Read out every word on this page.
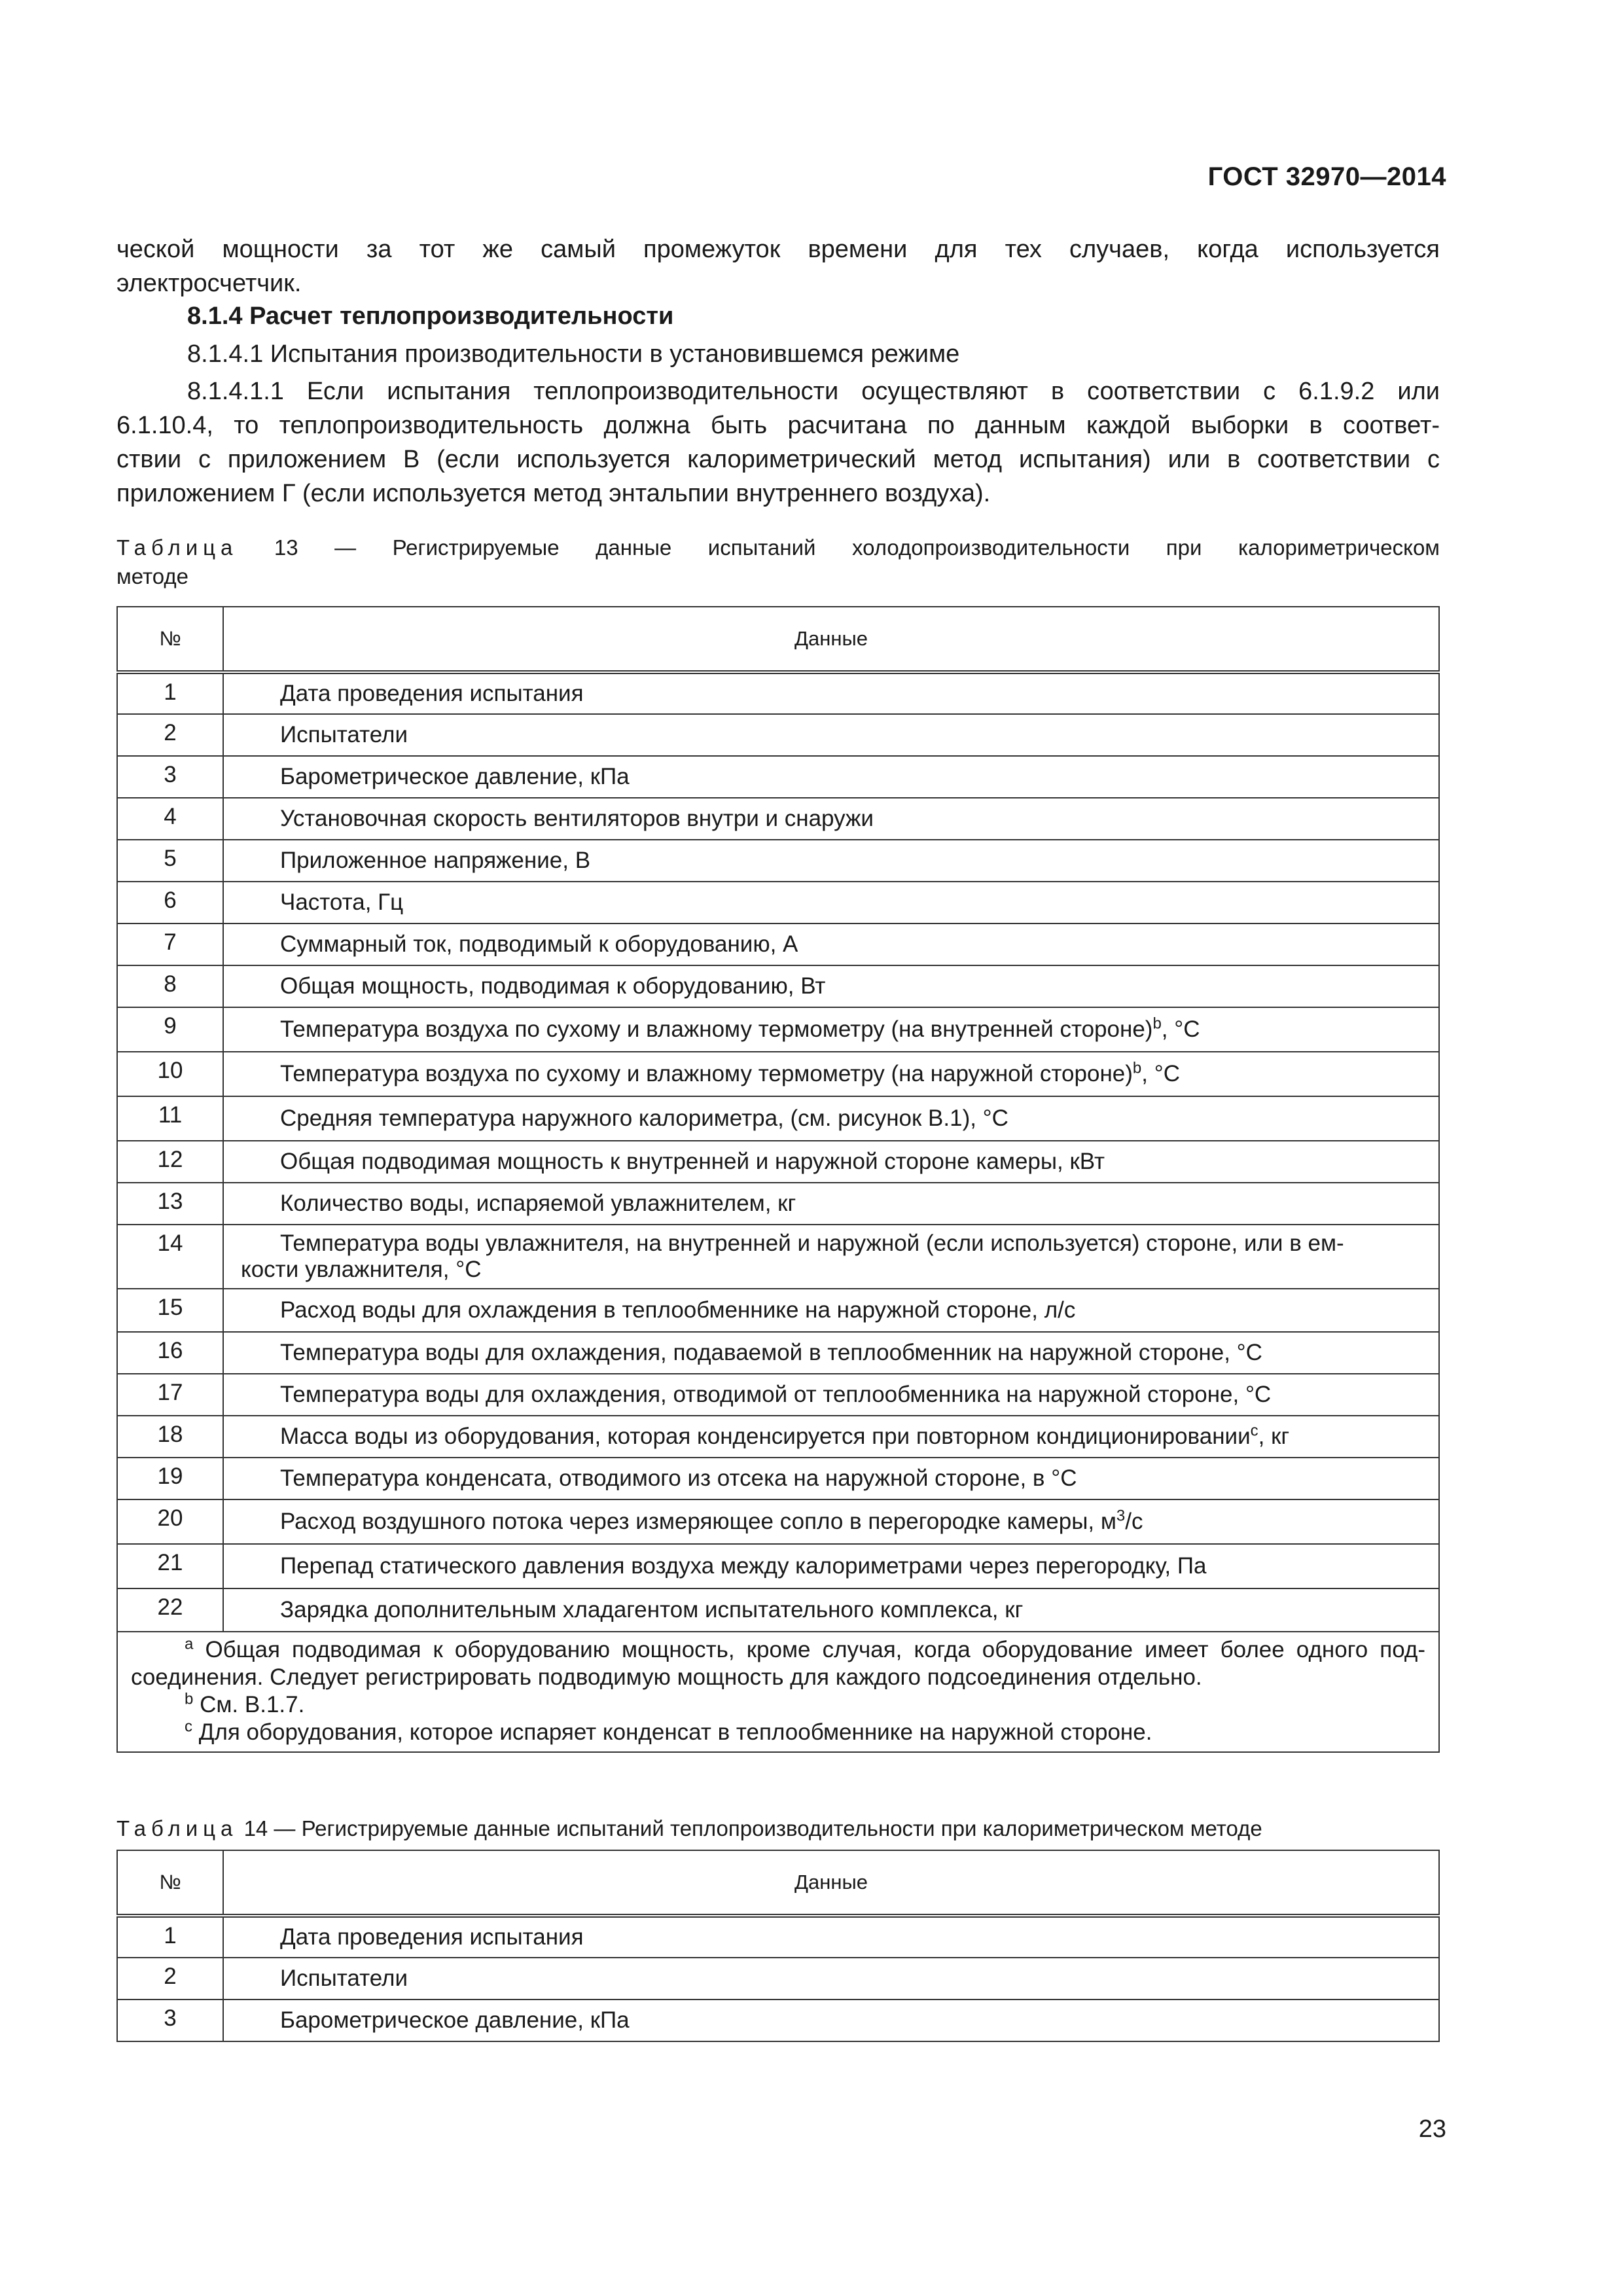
ГОСТ 32970—2014
ческой мощности за тот же самый промежуток времени для тех случаев, когда используется
электросчетчик.
8.1.4 Расчет теплопроизводительности
8.1.4.1 Испытания производительности в установившемся режиме
8.1.4.1.1 Если испытания теплопроизводительности осуществляют в соответствии с 6.1.9.2 или
6.1.10.4, то теплопроизводительность должна быть расчитана по данным каждой выборки в соответ-
ствии с приложением В (если используется калориметрический метод испытания) или в соответствии с
приложением Г (если используется метод энтальпии внутреннего воздуха).
Таблица 13 — Регистрируемые данные испытаний холодопроизводительности при калориметрическом
методе
№	Данные
1	Дата проведения испытания
2	Испытатели
3	Барометрическое давление, кПа
4	Установочная скорость вентиляторов внутри и снаружи
5	Приложенное напряжение, В
6	Частота, Гц
7	Суммарный ток, подводимый к оборудованию, А
8	Общая мощность, подводимая к оборудованию, Вт
9	Температура воздуха по сухому и влажному термометру (на внутренней стороне)$^b$, °С
10	Температура воздуха по сухому и влажному термометру (на наружной стороне)$^b$, °С
11	Средняя температура наружного калориметра, (см. рисунок В.1), °С
12	Общая подводимая мощность к внутренней и наружной стороне камеры, кВт
13	Количество воды, испаряемой увлажнителем, кг
14	Температура воды увлажнителя, на внутренней и наружной (если используется) стороне, или в ем-
кости увлажнителя, °С

15	Расход воды для охлаждения в теплообменнике на наружной стороне, л/с
16	Температура воды для охлаждения, подаваемой в теплообменник на наружной стороне, °С
17	Температура воды для охлаждения, отводимой от теплообменника на наружной стороне, °С
18	Масса воды из оборудования, которая конденсируется при повторном кондиционировании$^c$, кг
19	Температура конденсата, отводимого из отсека на наружной стороне, в °С
20	Расход воздушного потока через измеряющее сопло в перегородке камеры, $м^3/с$
21	Перепад статического давления воздуха между калориметрами через перегородку, Па
22	Зарядка дополнительным хладагентом испытательного комплекса, кг

$^a$ Общая подводимая к оборудованию мощность, кроме случая, когда оборудование имеет более одного под-
соединения. Следует регистрировать подводимую мощность для каждого подсоединения отдельно.
$^b$ См. В.1.7.
$^c$ Для оборудования, которое испаряет конденсат в теплообменнике на наружной стороне.	
Таблица 14 — Регистрируемые данные испытаний теплопроизводительности при калориметрическом методе
№	Данные
1	Дата проведения испытания
2	Испытатели
3	Барометрическое давление, кПа
23
